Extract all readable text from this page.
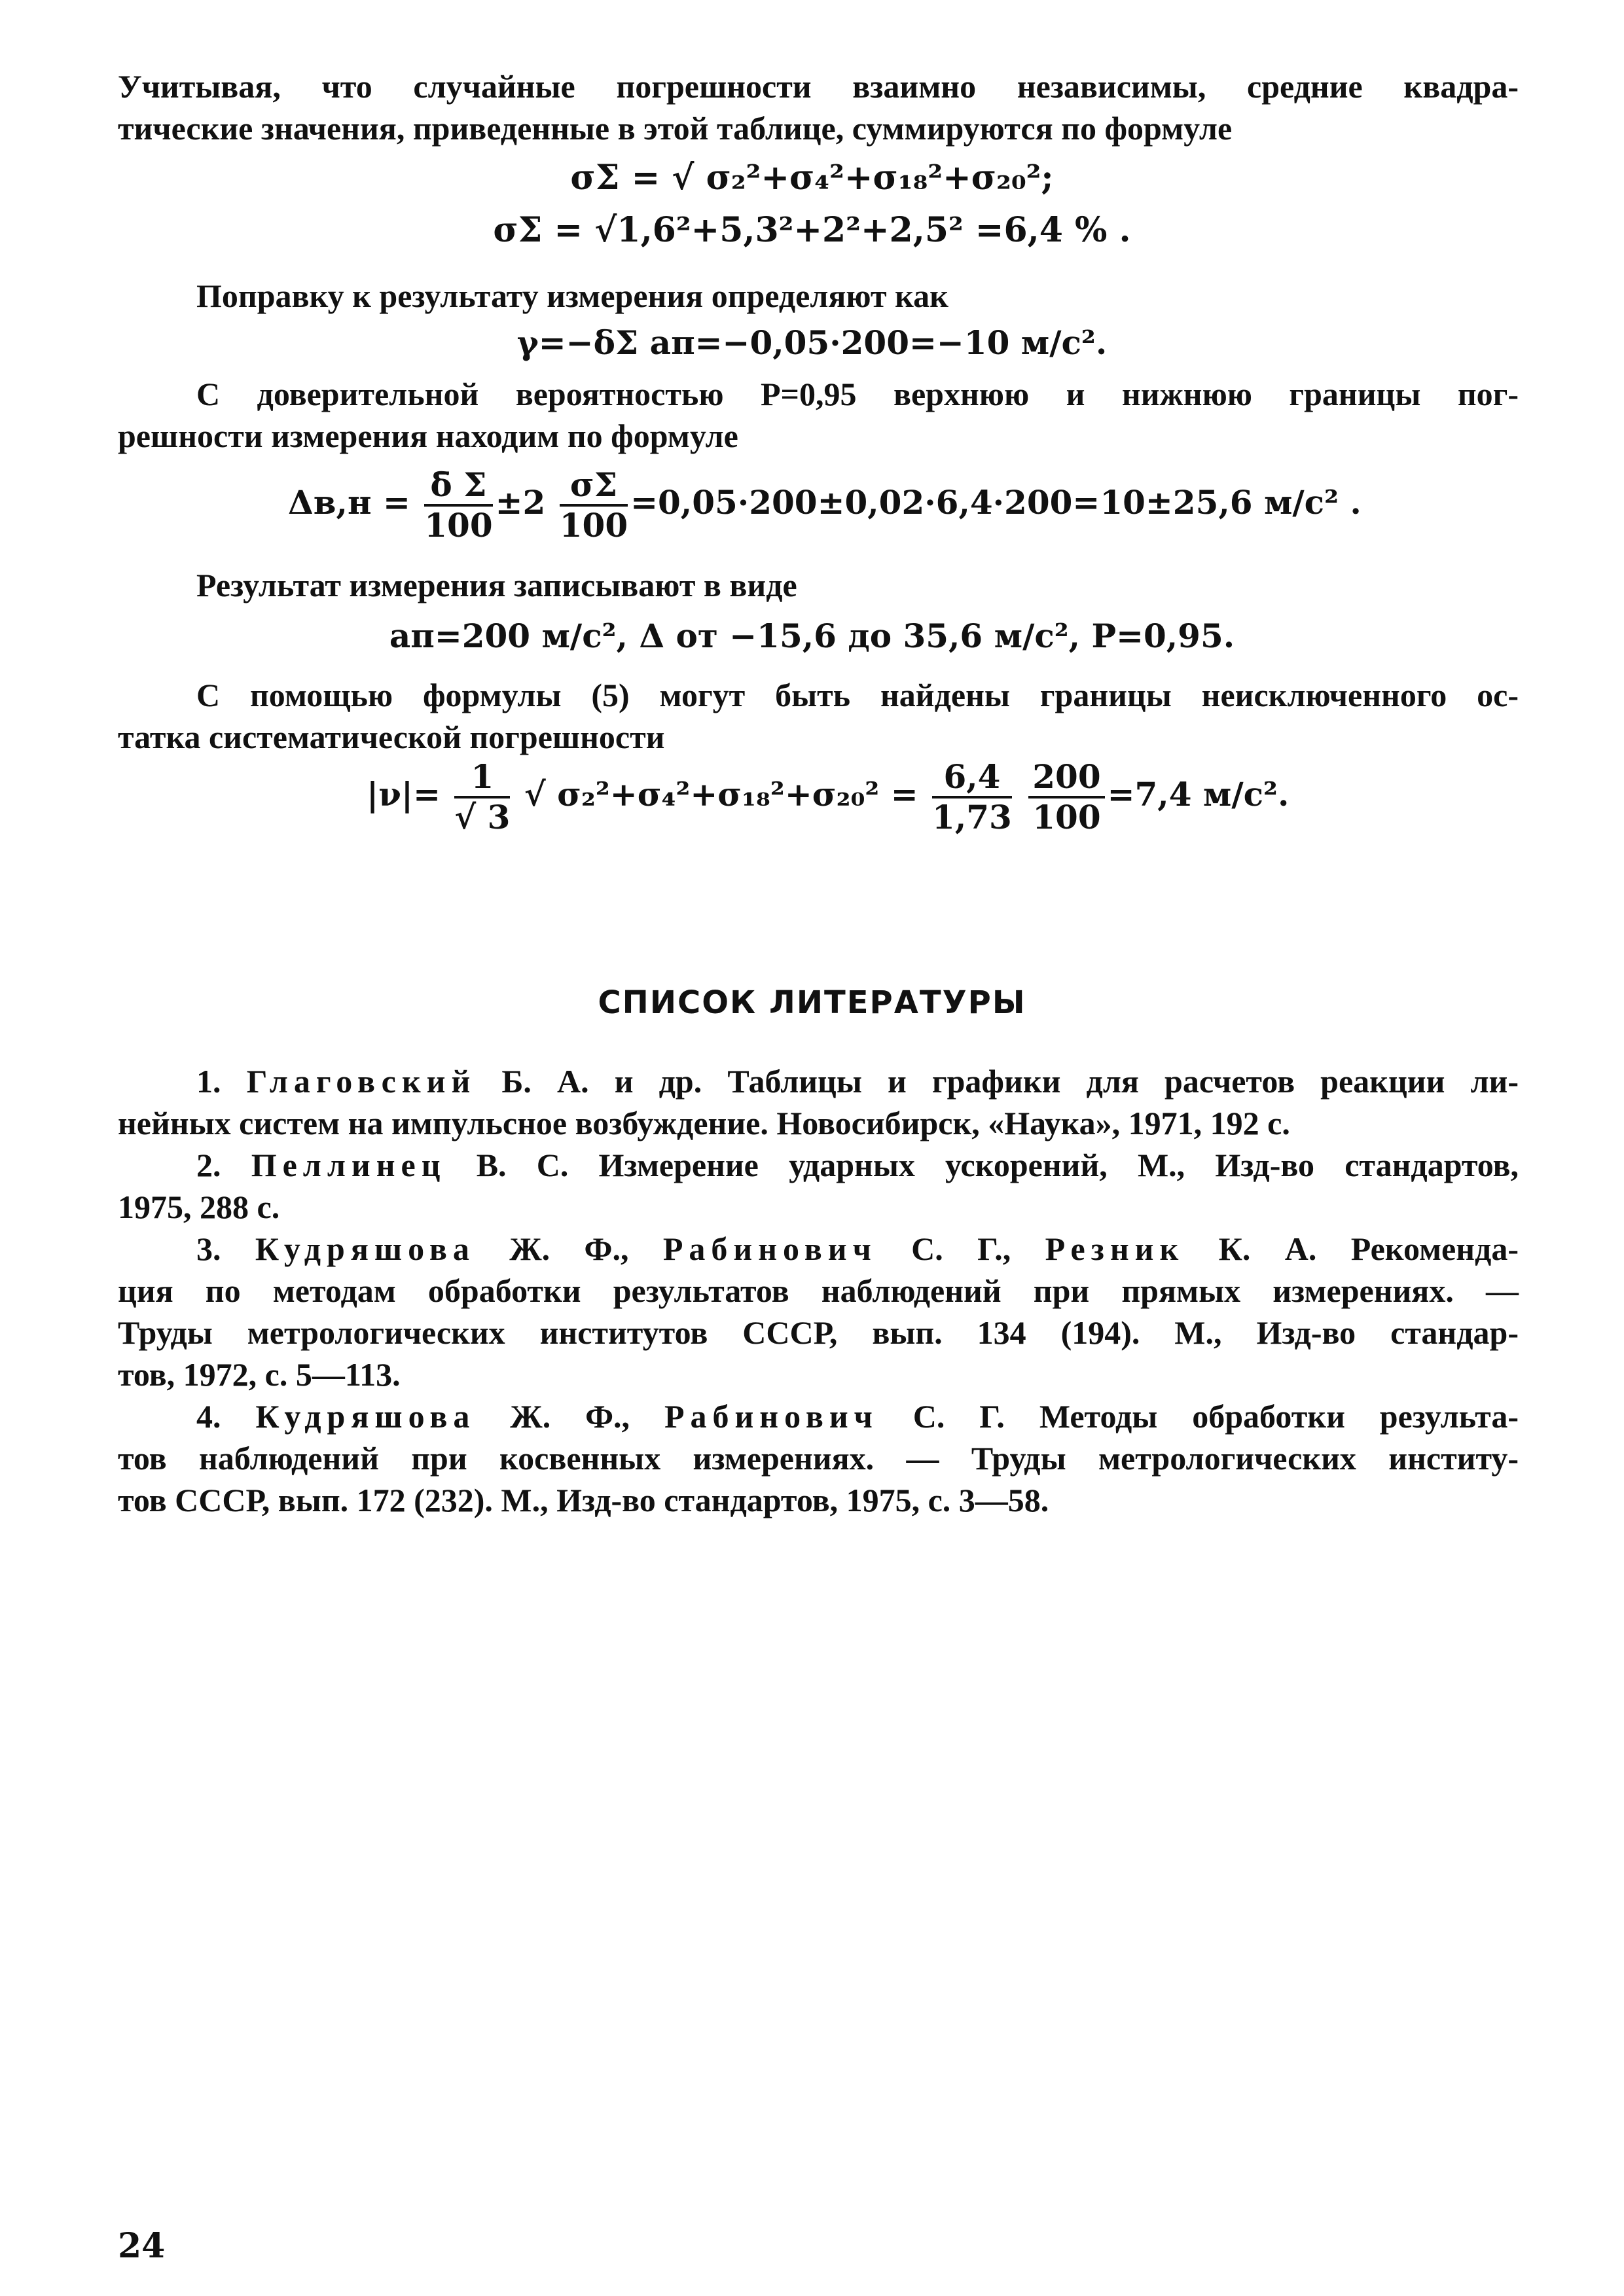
Учитывая, что случайные погрешности взаимно независимы, средние квадра-
тические значения, приведенные в этой таблице, суммируются по формуле
σΣ = √ σ₂²+σ₄²+σ₁₈²+σ₂₀²;
σΣ = √1,6²+5,3²+2²+2,5² =6,4 % .
Поправку к результату измерения определяют как
γ=−δΣ aп=−0,05·200=−10 м/с².
С доверительной вероятностью P=0,95 верхнюю и нижнюю границы пог-
решности измерения находим по формуле
$\Delta в,н = \frac{\deltā \Sigma}{100} \pm 2 \frac{\sigma\Sigma}{100} =0,05\cdot 200\pm 0,02\cdot 6,4\cdot 200=10\pm 25,6$ м/с² .
Результат измерения записывают в виде
aп=200 м/с², Δ от −15,6 до 35,6 м/с², P=0,95.
С помощью формулы (5) могут быть найдены границы неисключенного ос-
татка систематической погрешности
$|\nu|= \frac{1}{√ 3}$ √ $\sigma_2^2+\sigma_4^2+\sigma_{18}^2+\sigma_{20}^2 = \frac{6,4}{1,73}$
$\frac{200}{100} =7,4$ м/с².
СПИСОК ЛИТЕРАТУРЫ
1. Глаговский Б. А. и др. Таблицы и графики для расчетов реакции ли-
нейных систем на импульсное возбуждение. Новосибирск, «Наука», 1971, 192 с.
2. Пеллинец В. С. Измерение ударных ускорений, М., Изд-во стандартов,
1975, 288 с.
3. Кудряшова Ж. Ф., Рабинович С. Г., Резник К. А. Рекоменда-
ция по методам обработки результатов наблюдений при прямых измерениях. —
Труды метрологических институтов СССР, вып. 134 (194). М., Изд-во стандар-
тов, 1972, с. 5—113.
4. Кудряшова Ж. Ф., Рабинович С. Г. Методы обработки результа-
тов наблюдений при косвенных измерениях. — Труды метрологических институ-
тов СССР, вып. 172 (232). М., Изд-во стандартов, 1975, с. 3—58.
24
